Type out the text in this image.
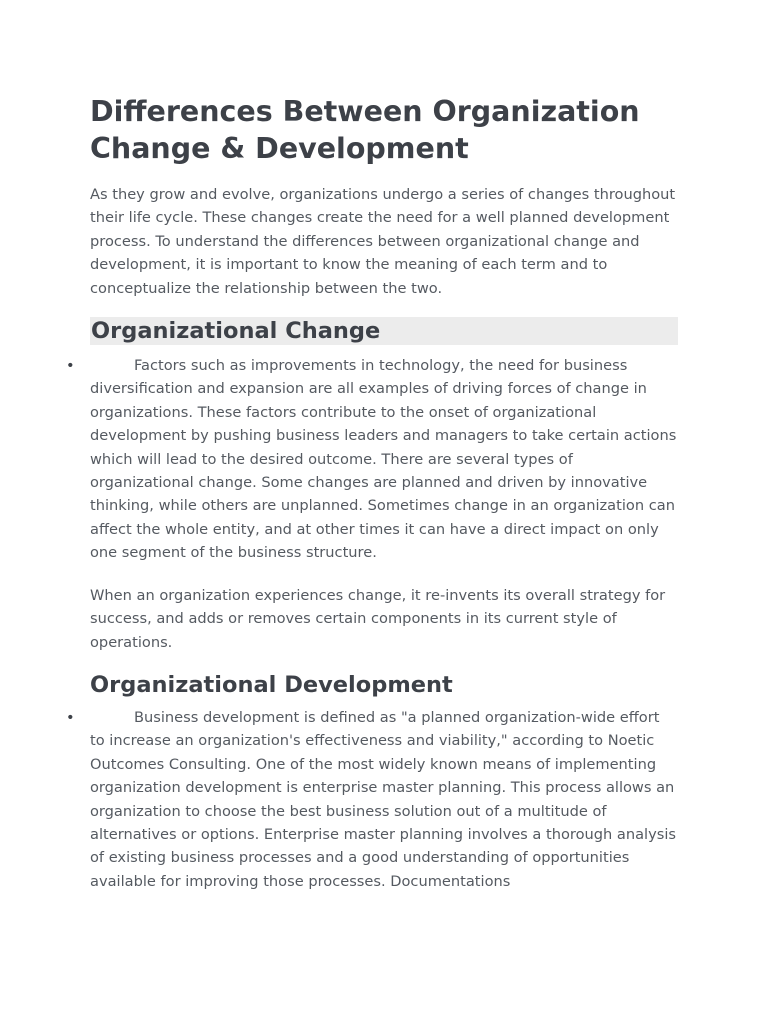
Differences Between Organization Change & Development

As they grow and evolve, organizations undergo a series of changes throughout their life cycle. These changes create the need for a well planned development process. To understand the differences between organizational change and development, it is important to know the meaning of each term and to conceptualize the relationship between the two.

Organizational Change
•	Factors such as improvements in technology, the need for business diversification and expansion are all examples of driving forces of change in organizations. These factors contribute to the onset of organizational development by pushing business leaders and managers to take certain actions which will lead to the desired outcome. There are several types of organizational change. Some changes are planned and driven by innovative thinking, while others are unplanned. Sometimes change in an organization can affect the whole entity, and at other times it can have a direct impact on only one segment of the business structure.

When an organization experiences change, it re-invents its overall strategy for success, and adds or removes certain components in its current style of operations.

Organizational Development
•	Business development is defined as "a planned organization-wide effort to increase an organization's effectiveness and viability," according to Noetic Outcomes Consulting. One of the most widely known means of implementing organization development is enterprise master planning. This process allows an organization to choose the best business solution out of a multitude of alternatives or options. Enterprise master planning involves a thorough analysis of existing business processes and a good understanding of opportunities available for improving those processes. Documentations
